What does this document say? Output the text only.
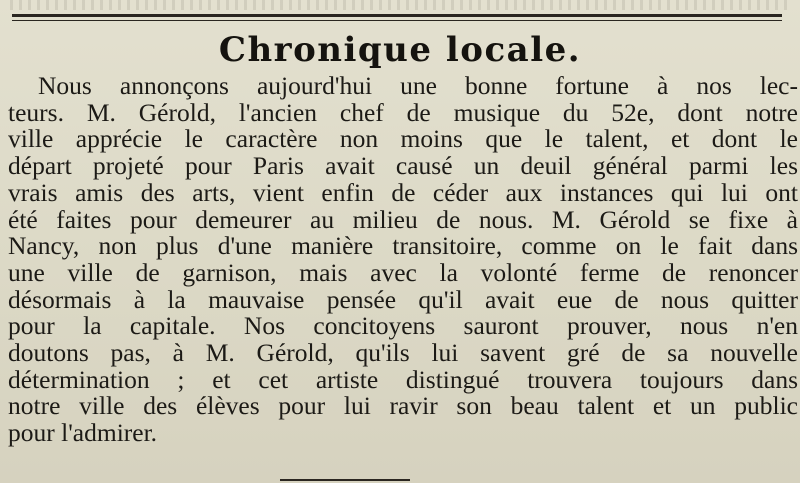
Chronique locale.
Nous annonçons aujourd'hui une bonne fortune à nos lec-
teurs. M. Gérold, l'ancien chef de musique du 52e, dont notre
ville apprécie le caractère non moins que le talent, et dont le
départ projeté pour Paris avait causé un deuil général parmi les
vrais amis des arts, vient enfin de céder aux instances qui lui ont
été faites pour demeurer au milieu de nous. M. Gérold se fixe à
Nancy, non plus d'une manière transitoire, comme on le fait dans
une ville de garnison, mais avec la volonté ferme de renoncer
désormais à la mauvaise pensée qu'il avait eue de nous quitter
pour la capitale. Nos concitoyens sauront prouver, nous n'en
doutons pas, à M. Gérold, qu'ils lui savent gré de sa nouvelle
détermination ; et cet artiste distingué trouvera toujours dans
notre ville des élèves pour lui ravir son beau talent et un public
pour l'admirer.
